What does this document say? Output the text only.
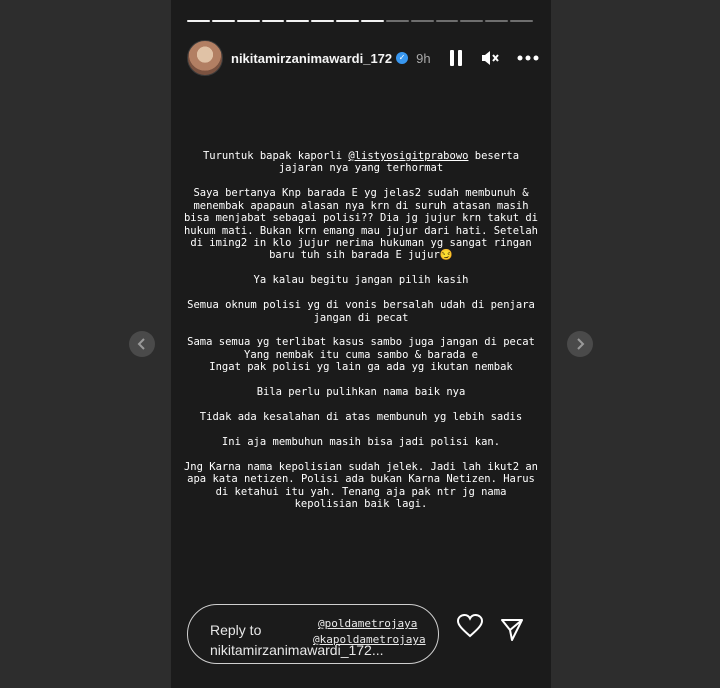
nikitamirzanimawardi_172 ✓ 9h

Turuntuk bapak kaporli @listyosigitprabowo beserta jajaran nya yang terhormat

Saya bertanya Knp barada E yg jelas2 sudah membunuh & menembak apapaun alasan nya krn di suruh atasan masih bisa menjabat sebagai polisi?? Dia jg jujur krn takut di hukum mati. Bukan krn emang mau jujur dari hati. Setelah di iming2 in klo jujur nerima hukuman yg sangat ringan baru tuh sih barada E jujur😏

Ya kalau begitu jangan pilih kasih

Semua oknum polisi yg di vonis bersalah udah di penjara jangan di pecat

Sama semua yg terlibat kasus sambo juga jangan di pecat
Yang nembak itu cuma sambo & barada e
Ingat pak polisi yg lain ga ada yg ikutan nembak

Bila perlu pulihkan nama baik nya

Tidak ada kesalahan di atas membunuh yg lebih sadis

Ini aja membuhun masih bisa jadi polisi kan.

Jng Karna nama kepolisian sudah jelek. Jadi lah ikut2 an apa kata netizen. Polisi ada bukan Karna Netizen. Harus di ketahui itu yah. Tenang aja pak ntr jg nama kepolisian baik lagi.

Reply to
nikitamirzanimawardi_172...
@poldametrojaya
@kapoldametrojaya
